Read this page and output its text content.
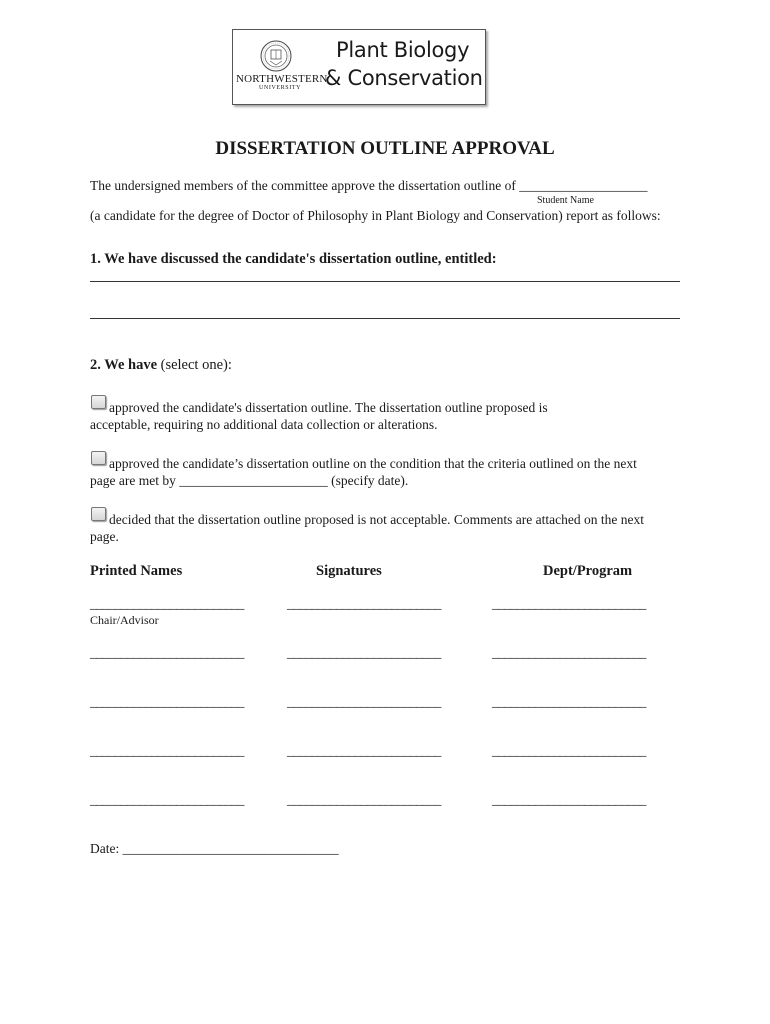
NORTHWESTERN
UNIVERSITY
Plant Biology
& Conservation
DISSERTATION OUTLINE APPROVAL
The undersigned members of the committee approve the dissertation outline of ___________________
Student Name
(a candidate for the degree of Doctor of Philosophy in Plant Biology and Conservation) report as follows:
1. We have discussed the candidate's dissertation outline, entitled:
2. We have (select one):
approved the candidate's dissertation outline. The dissertation outline proposed is
acceptable, requiring no additional data collection or alterations.
approved the candidate’s dissertation outline on the condition that the criteria outlined on the next
page are met by ______________________ (specify date).
decided that the dissertation outline proposed is not acceptable. Comments are attached on the next
page.
Printed Names	Signatures	Dept/Program
_________________________	_________________________	_________________________
Chair/Advisor
_________________________	_________________________	_________________________
_________________________	_________________________	_________________________
_________________________	_________________________	_________________________
_________________________	_________________________	_________________________
Date: ________________________________
